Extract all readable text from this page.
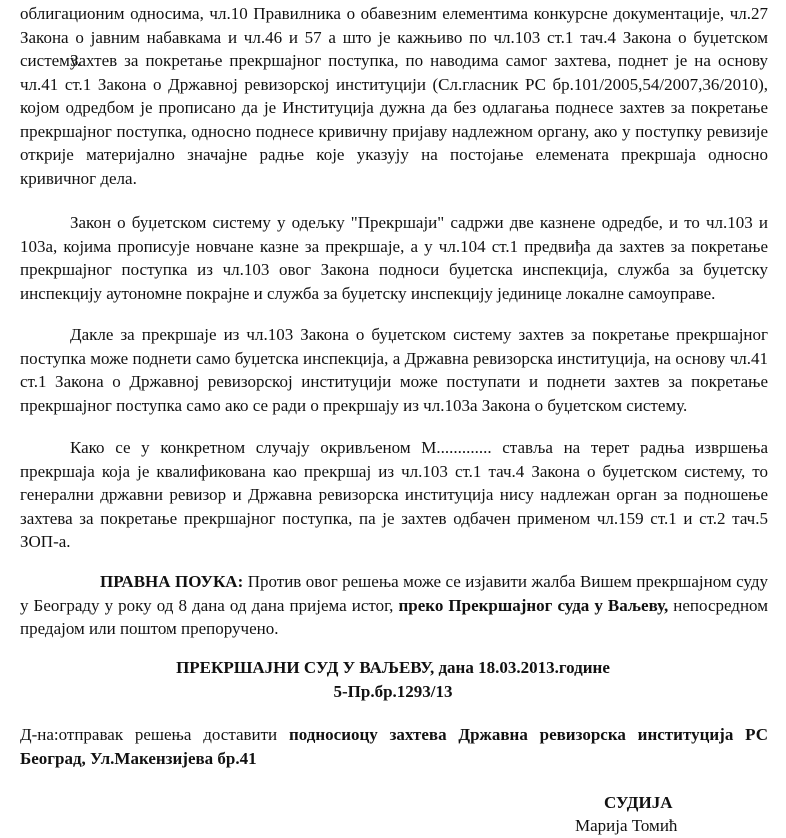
облигационим односима, чл.10 Правилника о обавезним елементима конкурсне документације, чл.27 Закона о јавним набавкама и чл.46 и 57 а што је кажњиво по чл.103 ст.1 тач.4 Закона о буџетском систему.
Захтев за покретање прекршајног поступка, по наводима самог захтева, поднет је на основу чл.41 ст.1 Закона о Државној ревизорској институцији (Сл.гласник РС бр.101/2005,54/2007,36/2010), којом одредбом је прописано да је Институција дужна да без одлагања поднесе захтев за покретање прекршајног поступка, односно поднесе кривичну пријаву надлежном органу, ако у поступку ревизије открије материјално значајне радње које указују на постојање елемената прекршаја односно кривичног дела.
Закон о буџетском систему у одељку "Прекршаји" садржи две казнене одредбе, и то чл.103 и 103а, којима прописује новчане казне за прекршаје, а у чл.104 ст.1 предвиђа да захтев за покретање прекршајног поступка из чл.103 овог Закона подноси буџетска инспекција, служба за буџетску инспекцију аутономне покрајне и служба за буџетску инспекцију јединице локалне самоуправе.
Дакле за прекршаје из чл.103 Закона о буџетском систему захтев за покретање прекршајног поступка може поднети само буџетска инспекција, а Државна ревизорска институција, на основу чл.41 ст.1 Закона о Државној ревизорској институцији може поступати и поднети захтев за покретање прекршајног поступка само ако се ради о прекршају из чл.103а Закона о буџетском систему.
Како се у конкретном случају окривљеном М............. ставља на терет радња извршења прекршаја која је квалификована као прекршај из чл.103 ст.1 тач.4 Закона о буџетском систему, то генерални државни ревизор и Државна ревизорска институција нису надлежан орган за подношење захтева за покретање прекршајног поступка, па је захтев одбачен применом чл.159 ст.1 и ст.2 тач.5 ЗОП-а.
ПРАВНА ПОУКА: Против овог решења може се изјавити жалба Вишем прекршајном суду у Београду у року од 8 дана од дана пријема истог, преко Прекршајног суда у Ваљеву, непосредном предајом или поштом препоручено.
ПРЕКРШАЈНИ СУД У ВАЉЕВУ, дана 18.03.2013.године
5-Пр.бр.1293/13
Д-на:отправак решења доставити подносиоцу захтева Државна ревизорска институција РС Београд, Ул.Макензијева бр.41
СУДИЈА
Марија Томић
